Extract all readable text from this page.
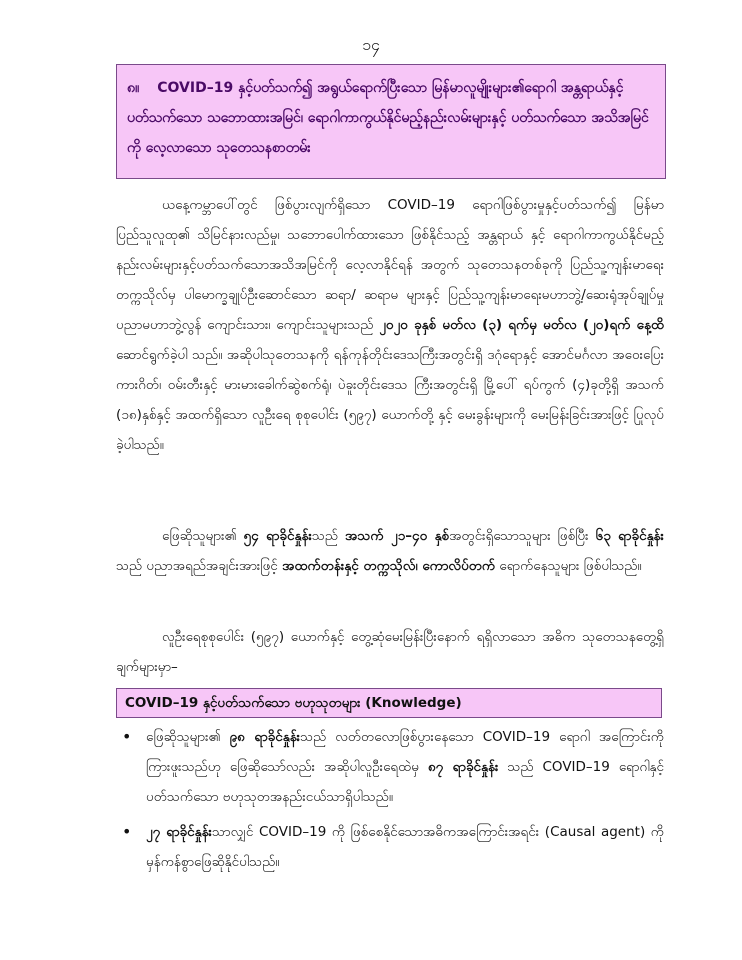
၁၄
၈။ COVID–19 နှင့်ပတ်သက်၍ အရွယ်ရောက်ပြီးသော မြန်မာလူမျိုးများ၏ရောဂါ အန္တရာယ်နှင့်ပတ်သက်သော သဘောထားအမြင်၊ ရောဂါကာကွယ်နိုင်မည့်နည်းလမ်းများနှင့် ပတ်သက်သော အသိအမြင်ကို လေ့လာသော သုတေသနစာတမ်း

ယနေ့ကမ္ဘာပေါ်တွင် ဖြစ်ပွားလျက်ရှိသော COVID–19 ရောဂါဖြစ်ပွားမှုနှင့်ပတ်သက်၍ မြန်မာ ပြည်သူလူထု၏ သိမြင်နားလည်မှု၊ သဘောပေါက်ထားသော ဖြစ်နိုင်သည့် အန္တရာယ် နှင့် ရောဂါကာကွယ်နိုင်မည့်နည်းလမ်းများနှင့်ပတ်သက်သောအသိအမြင်ကို လေ့လာနိုင်ရန် အတွက် သုတေသနတစ်ခုကို ပြည်သူ့ကျန်းမာရေးတက္ကသိုလ်မှ ပါမောက္ခချုပ်ဦးဆောင်သော ဆရာ/ ဆရာမ များနှင့် ပြည်သူ့ကျန်းမာရေးမဟာဘွဲ့/ဆေးရုံအုပ်ချုပ်မှု ပညာမဟာဘွဲ့လွန် ကျောင်းသား၊ ကျောင်းသူများသည် ၂၀၂၀ ခုနှစ် မတ်လ (၃) ရက်မှ မတ်လ (၂၀)ရက် နေ့ထိ ဆောင်ရွက်ခဲ့ပါ သည်။ အဆိုပါသုတေသနကို ရန်ကုန်တိုင်းဒေသကြီးအတွင်းရှိ ဒဂုံရောနှင့် အောင်မင်္ဂလာ အဝေးပြေးကားဂိတ်၊ ဝမ်းတီးနှင့် မားမားခေါက်ဆွဲစက်ရုံ၊ ပဲခူးတိုင်းဒေသ ကြီးအတွင်းရှိ မြို့ပေါ် ရပ်ကွက် (၄)ခုတို့ရှိ အသက် (၁၈)နှစ်နှင့် အထက်ရှိသော လူဦးရေ စုစုပေါင်း (၅၉၇) ယောက်တို့ နှင့် မေးခွန်းများကို မေးမြန်းခြင်းအားဖြင့် ပြုလုပ်ခဲ့ပါသည်။

ဖြေဆိုသူများ၏ ၅၄ ရာခိုင်နှုန်းသည် အသက် ၂၁–၄၀ နှစ်အတွင်းရှိသောသူများ ဖြစ်ပြီး ၆၃ ရာခိုင်နှုန်းသည် ပညာအရည်အချင်းအားဖြင့် အထက်တန်းနှင့် တက္ကသိုလ်၊ ကောလိပ်တက် ရောက်နေသူများ ဖြစ်ပါသည်။

လူဦးရေစုစုပေါင်း (၅၉၇) ယောက်နှင့် တွေ့ဆုံမေးမြန်းပြီးနောက် ရရှိလာသော အဓိက သုတေသနတွေ့ရှိချက်များမှာ–

COVID–19 နှင့်ပတ်သက်သော ဗဟုသုတများ (Knowledge)
• ဖြေဆိုသူများ၏ ၉၈ ရာခိုင်နှုန်းသည် လတ်တလောဖြစ်ပွားနေသော COVID–19 ရောဂါ အကြောင်းကို ကြားဖူးသည်ဟု ဖြေဆိုသော်လည်း အဆိုပါလူဦးရေထဲမှ ၈၇ ရာခိုင်နှုန်း သည် COVID–19 ရောဂါနှင့်ပတ်သက်သော ဗဟုသုတအနည်းငယ်သာရှိပါသည်။
• ၂၇ ရာခိုင်နှုန်းသာလျှင် COVID–19 ကို ဖြစ်စေနိုင်သောအဓိကအကြောင်းအရင်း (Causal agent) ကို မှန်ကန်စွာဖြေဆိုနိုင်ပါသည်။
